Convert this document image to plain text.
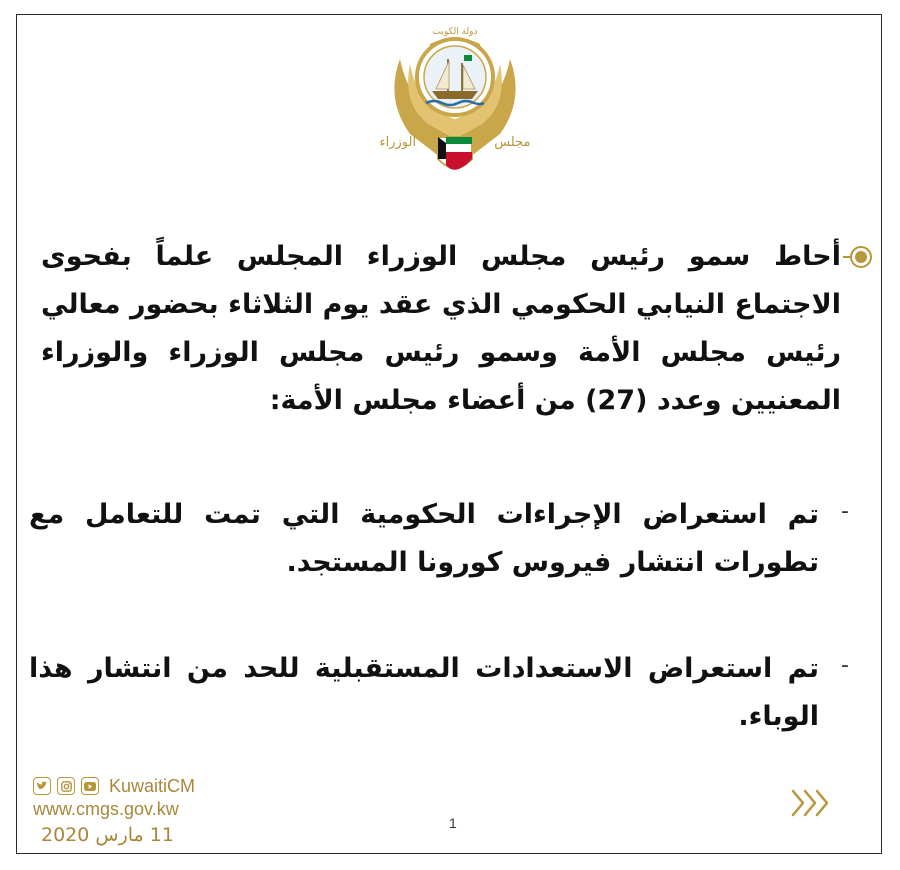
دولة الكويت
مجلس الوزراء
أحاط سمو رئيس مجلس الوزراء المجلس علماً بفحوى الاجتماع النيابي الحكومي الذي عقد يوم الثلاثاء بحضور معالي رئيس مجلس الأمة وسمو رئيس مجلس الوزراء والوزراء المعنيين وعدد (27) من أعضاء مجلس الأمة:
-
تم استعراض الإجراءات الحكومية التي تمت للتعامل مع تطورات انتشار فيروس كورونا المستجد.
-
تم استعراض الاستعدادات المستقبلية للحد من انتشار هذا الوباء.
KuwaitiCM
www.cmgs.gov.kw
11 مارس 2020
1
